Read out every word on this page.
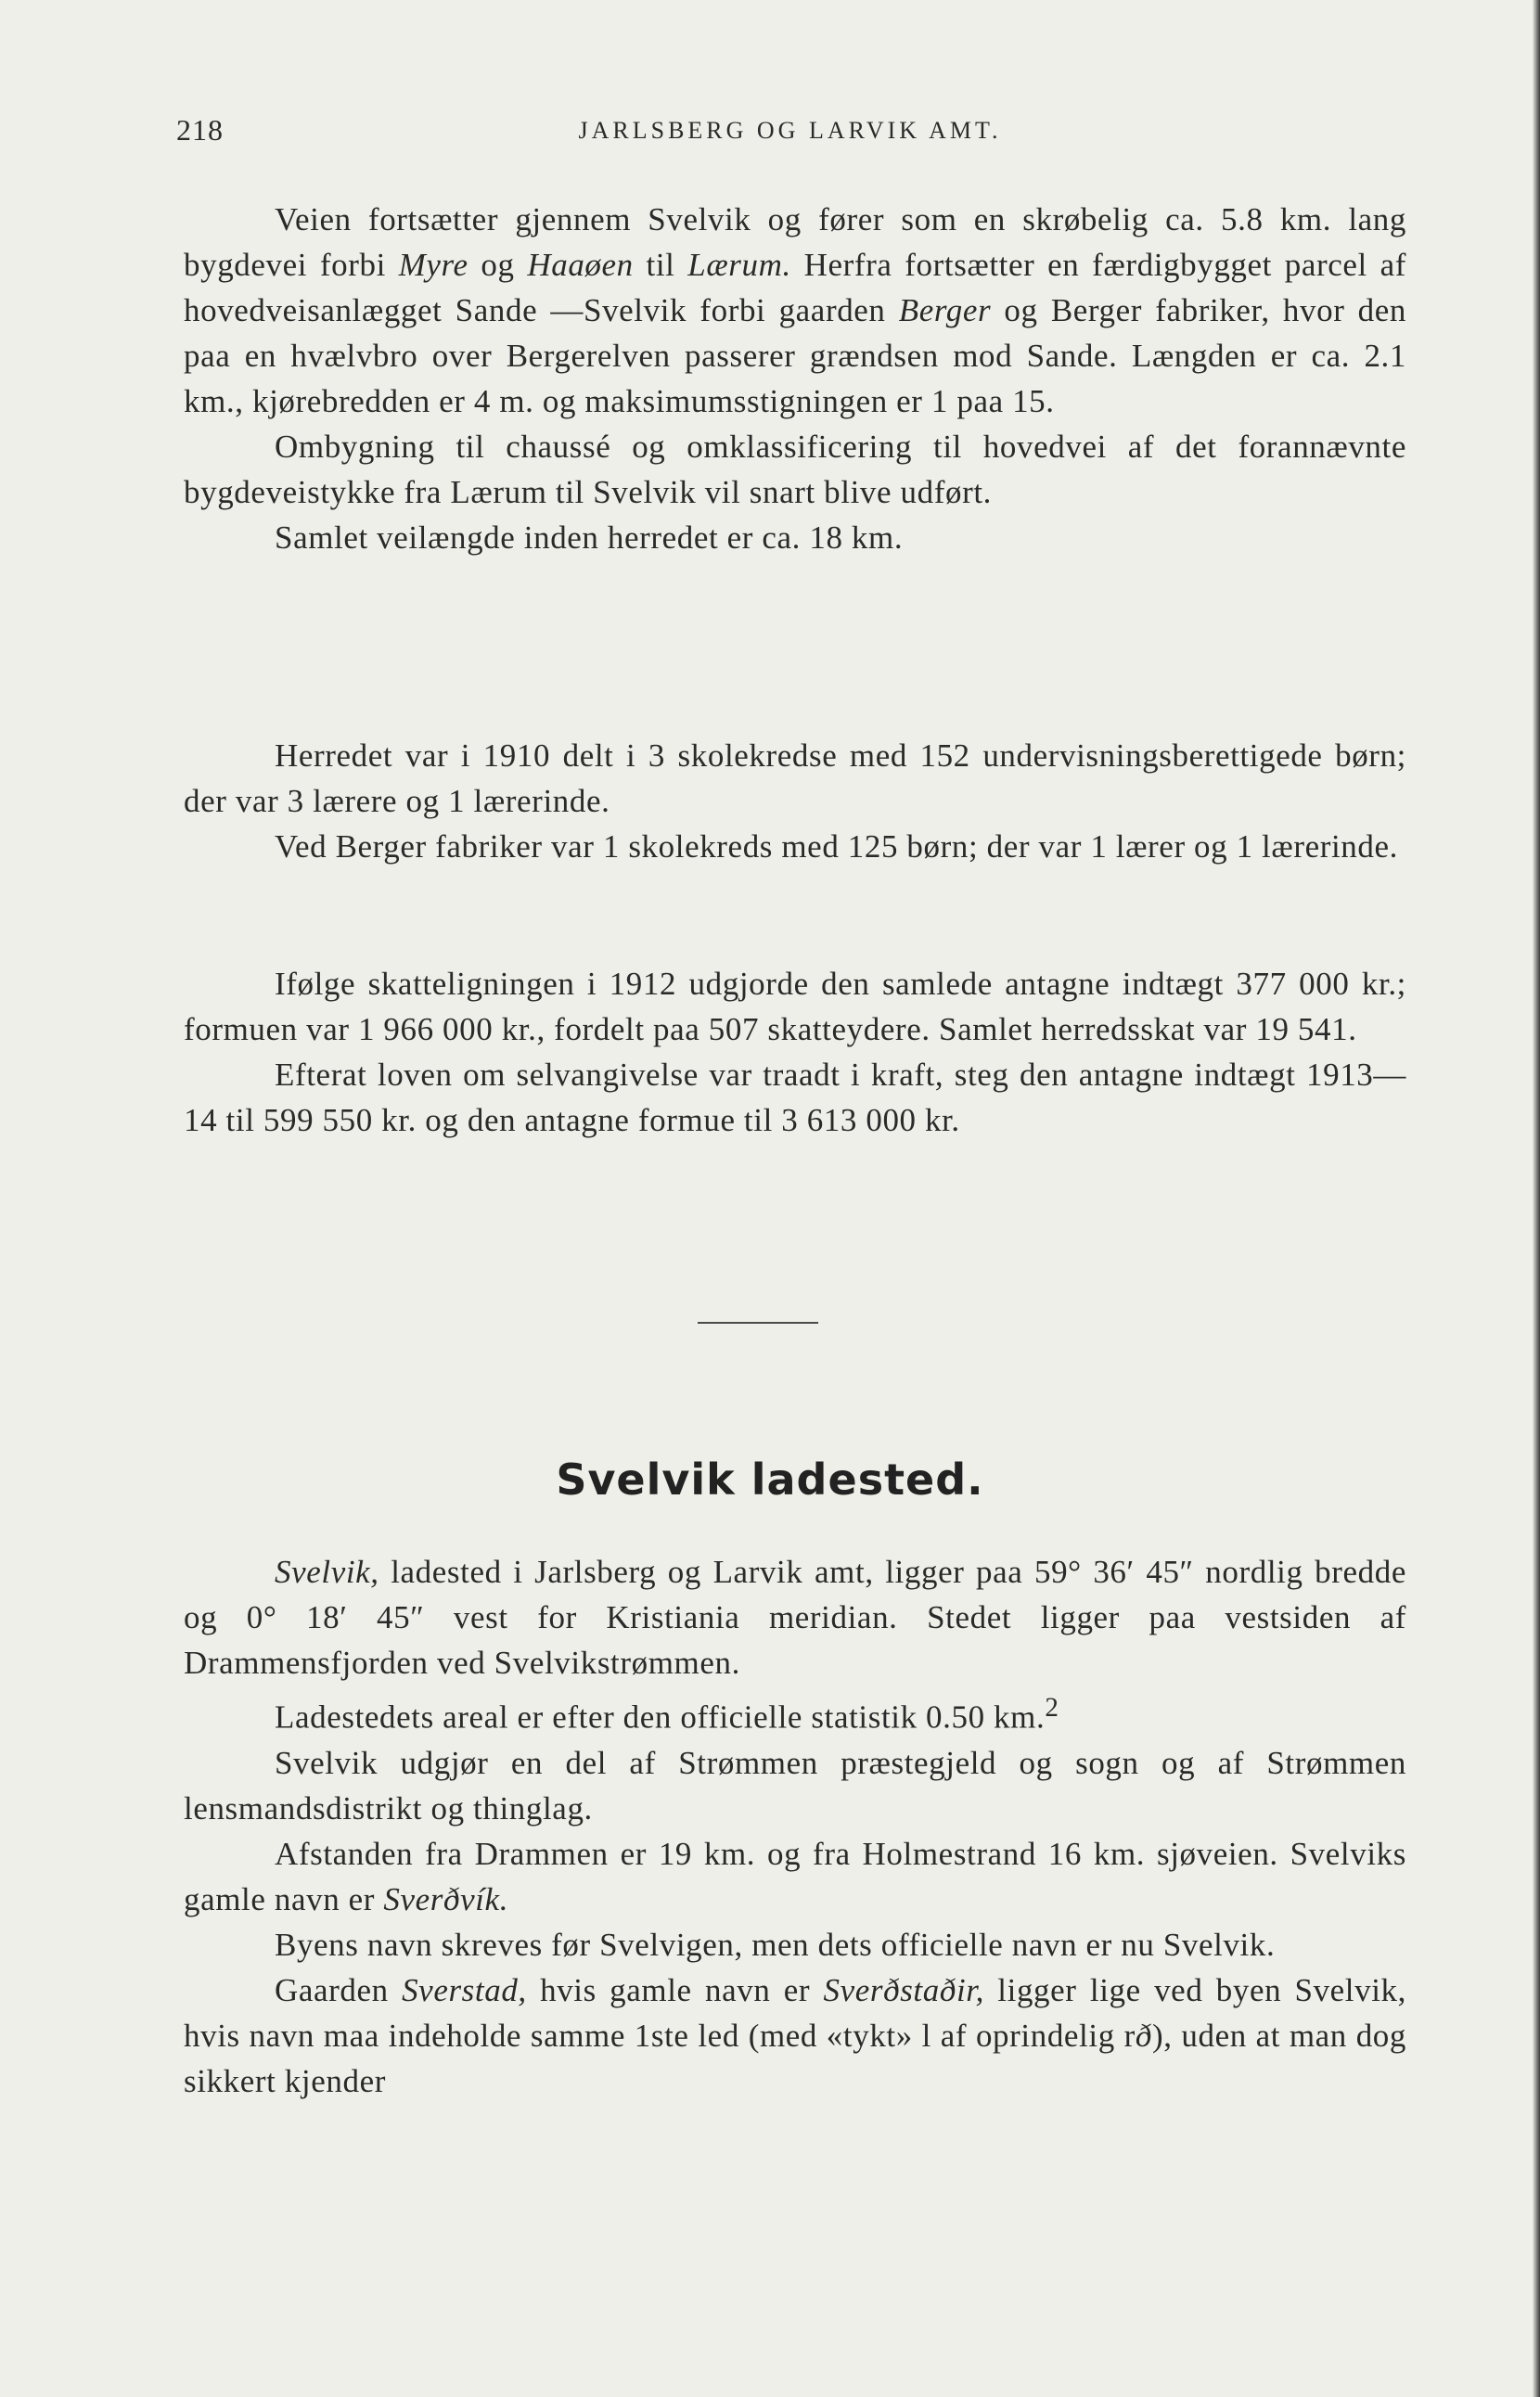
218	JARLSBERG OG LARVIK AMT.

Veien fortsætter gjennem Svelvik og fører som en skrøbelig ca. 5.8 km. lang bygdevei forbi Myre og Haaøen til Lærum. Herfra fortsætter en færdigbygget parcel af hovedveisanlægget Sande —Svelvik forbi gaarden Berger og Berger fabriker, hvor den paa en hvælvbro over Bergerelven passerer grændsen mod Sande. Længden er ca. 2.1 km., kjørebredden er 4 m. og maksimumsstigningen er 1 paa 15.

Ombygning til chaussé og omklassificering til hovedvei af det forannævnte bygdeveistykke fra Lærum til Svelvik vil snart blive udført.

Samlet veilængde inden herredet er ca. 18 km.

Herredet var i 1910 delt i 3 skolekredse med 152 undervisningsberettigede børn; der var 3 lærere og 1 lærerinde.

Ved Berger fabriker var 1 skolekreds med 125 børn; der var 1 lærer og 1 lærerinde.

Ifølge skatteligningen i 1912 udgjorde den samlede antagne indtægt 377 000 kr.; formuen var 1 966 000 kr., fordelt paa 507 skatteydere. Samlet herredsskat var 19 541.

Efterat loven om selvangivelse var traadt i kraft, steg den antagne indtægt 1913—14 til 599 550 kr. og den antagne formue til 3 613 000 kr.

Svelvik ladested.

Svelvik, ladested i Jarlsberg og Larvik amt, ligger paa 59° 36′ 45″ nordlig bredde og 0° 18′ 45″ vest for Kristiania meridian. Stedet ligger paa vestsiden af Drammensfjorden ved Svelvikstrømmen.

Ladestedets areal er efter den officielle statistik 0.50 km.$^2$

Svelvik udgjør en del af Strømmen præstegjeld og sogn og af Strømmen lensmandsdistrikt og thinglag.

Afstanden fra Drammen er 19 km. og fra Holmestrand 16 km. sjøveien. Svelviks gamle navn er Sverðvík.

Byens navn skreves før Svelvigen, men dets officielle navn er nu Svelvik.

Gaarden Sverstad, hvis gamle navn er Sverðstaðir, ligger lige ved byen Svelvik, hvis navn maa indeholde samme 1ste led (med «tykt» l af oprindelig rð), uden at man dog sikkert kjender
